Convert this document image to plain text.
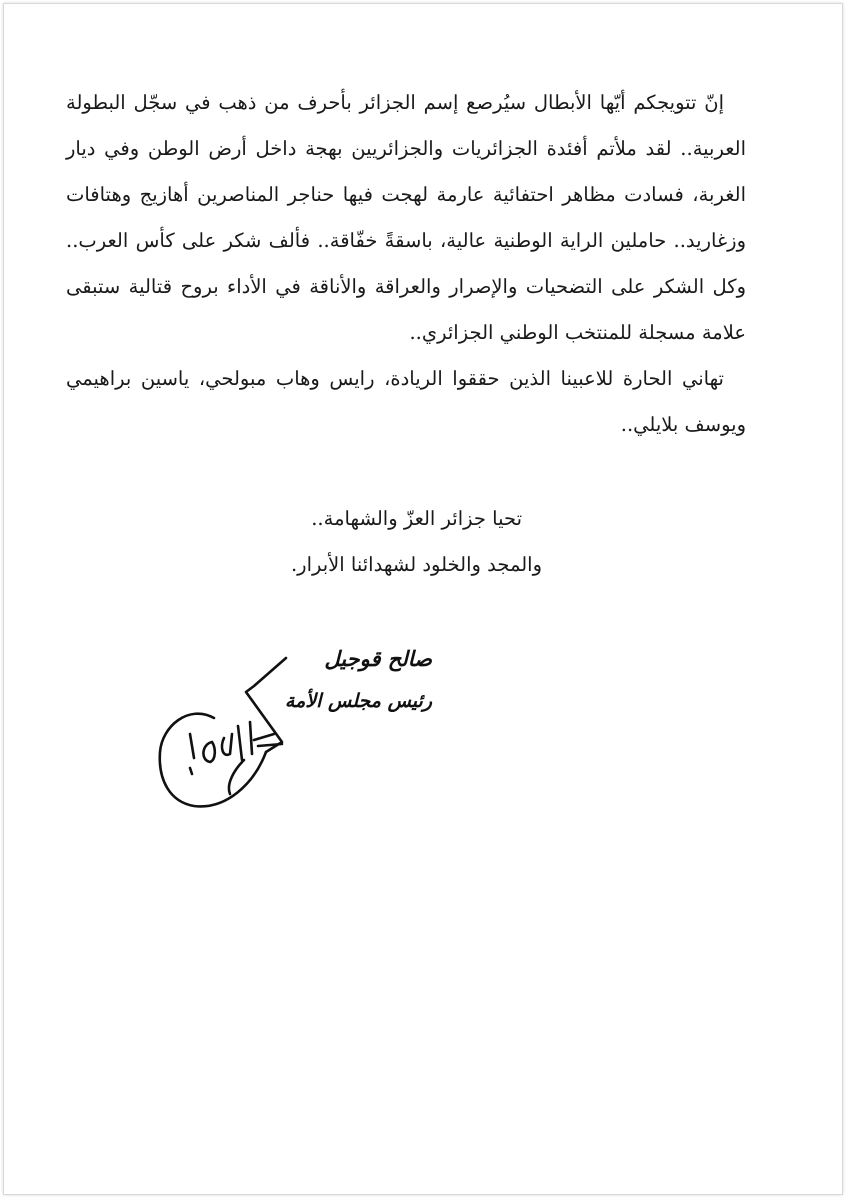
إنّ تتويجكم أيّها الأبطال سيُرصع إسم الجزائر بأحرف من ذهب في سجّل البطولة العربية.. لقد ملأتم أفئدة الجزائريات والجزائريين بهجة داخل أرض الوطن وفي ديار الغربة، فسادت مظاهر احتفائية عارمة لهجت فيها حناجر المناصرين أهازيج وهتافات وزغاريد.. حاملين الراية الوطنية عالية، باسقةً خفّاقة.. فألف شكر على كأس العرب.. وكل الشكر على التضحيات والإصرار والعراقة والأناقة في الأداء بروح قتالية ستبقى علامة مسجلة للمنتخب الوطني الجزائري..

تهاني الحارة للاعبينا الذين حققوا الريادة، رايس وهاب مبولحي، ياسين براهيمي ويوسف بلايلي..

تحيا جزائر العزّ والشهامة..
والمجد والخلود لشهدائنا الأبرار.
صالح قوجيل
رئيس مجلس الأمة
